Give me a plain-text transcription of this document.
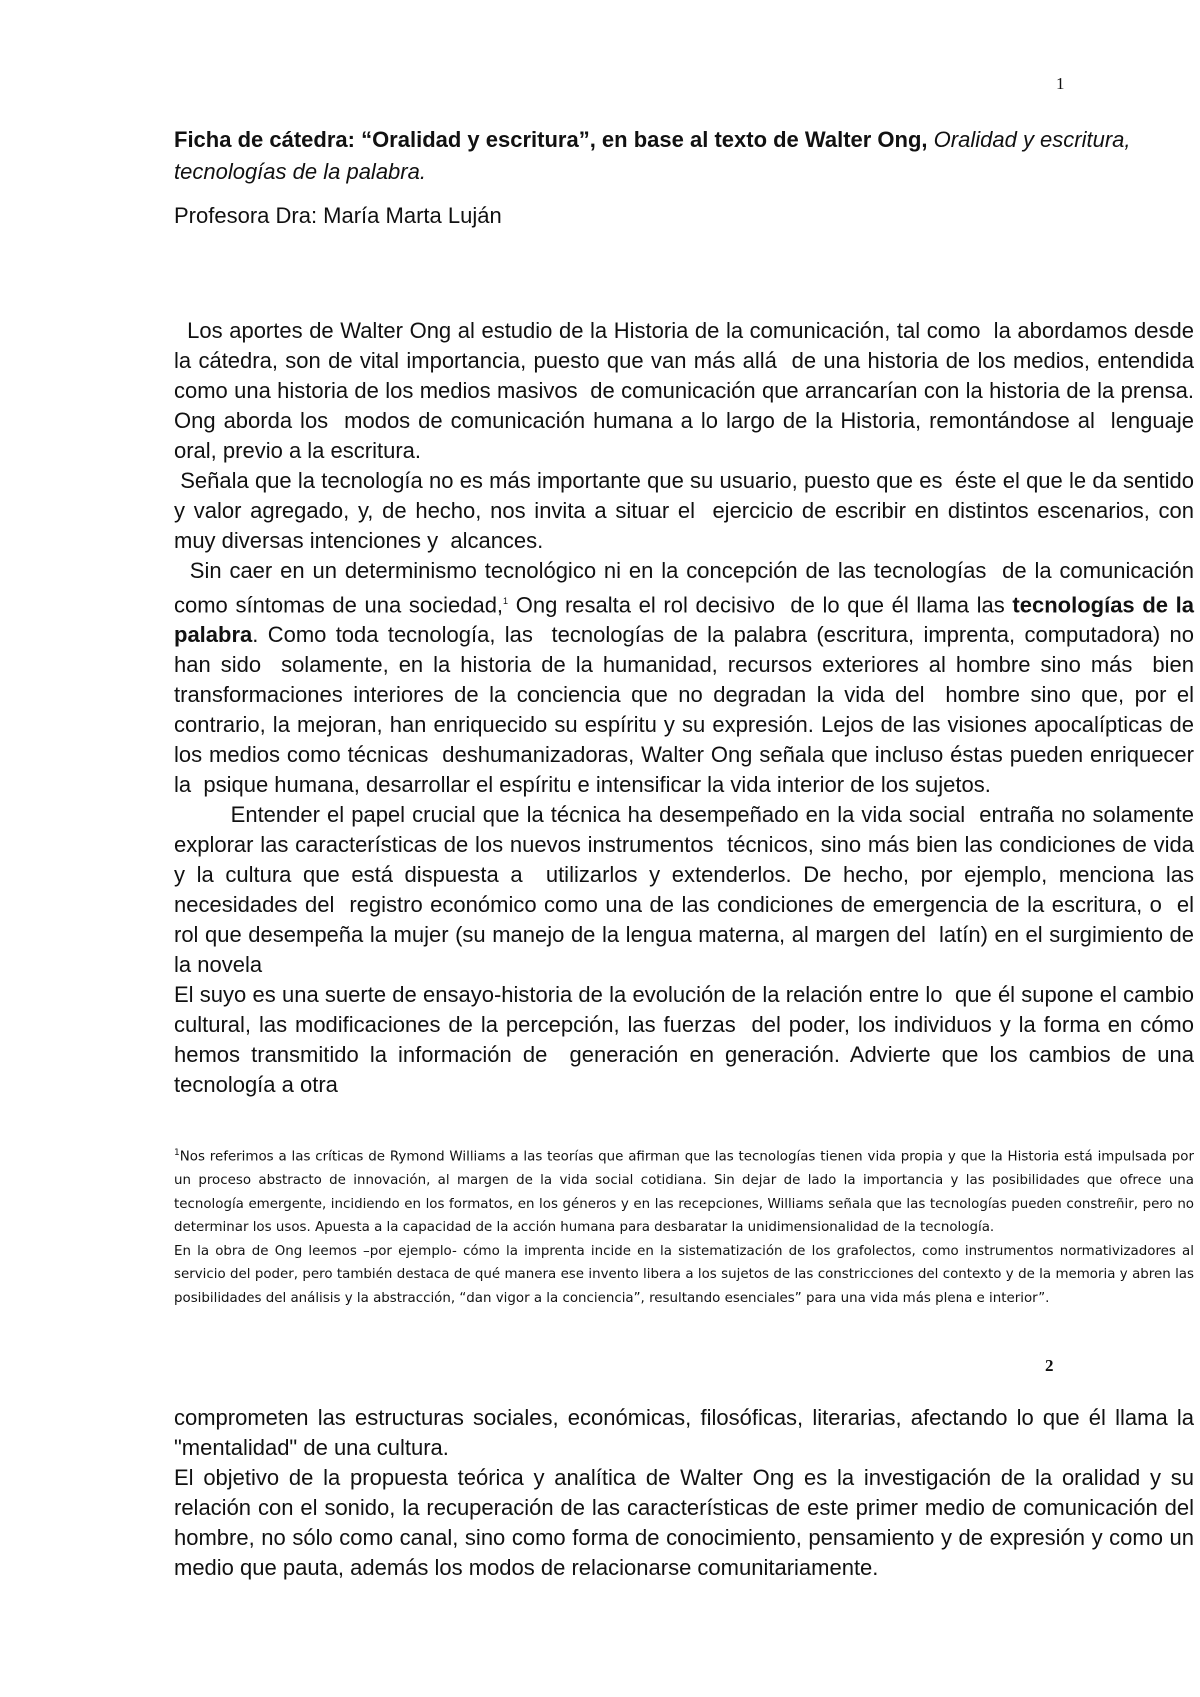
1
Ficha de cátedra: “Oralidad y escritura”, en base al texto de Walter Ong, Oralidad y escritura, tecnologías de la palabra.
Profesora Dra: María Marta Luján

Los aportes de Walter Ong al estudio de la Historia de la comunicación, tal como  la abordamos desde la cátedra, son de vital importancia, puesto que van más allá  de una historia de los medios, entendida como una historia de los medios masivos  de comunicación que arrancarían con la historia de la prensa. Ong aborda los  modos de comunicación humana a lo largo de la Historia, remontándose al  lenguaje oral, previo a la escritura.

Señala que la tecnología no es más importante que su usuario, puesto que es  éste el que le da sentido y valor agregado, y, de hecho, nos invita a situar el  ejercicio de escribir en distintos escenarios, con muy diversas intenciones y  alcances.

Sin caer en un determinismo tecnológico ni en la concepción de las tecnologías  de la comunicación como síntomas de una sociedad,$^1$ Ong resalta el rol decisivo  de lo que él llama las tecnologías de la palabra. Como toda tecnología, las  tecnologías de la palabra (escritura, imprenta, computadora) no han sido  solamente, en la historia de la humanidad, recursos exteriores al hombre sino más  bien transformaciones interiores de la conciencia que no degradan la vida del  hombre sino que, por el contrario, la mejoran, han enriquecido su espíritu y su expresión. Lejos de las visiones apocalípticas de los medios como técnicas  deshumanizadoras, Walter Ong señala que incluso éstas pueden enriquecer la  psique humana, desarrollar el espíritu e intensificar la vida interior de los sujetos.

Entender el papel crucial que la técnica ha desempeñado en la vida social  entraña no solamente explorar las características de los nuevos instrumentos  técnicos, sino más bien las condiciones de vida y la cultura que está dispuesta a  utilizarlos y extenderlos. De hecho, por ejemplo, menciona las necesidades del  registro económico como una de las condiciones de emergencia de la escritura, o  el rol que desempeña la mujer (su manejo de la lengua materna, al margen del  latín) en el surgimiento de la novela

El suyo es una suerte de ensayo-historia de la evolución de la relación entre lo  que él supone el cambio cultural, las modificaciones de la percepción, las fuerzas  del poder, los individuos y la forma en cómo hemos transmitido la información de  generación en generación. Advierte que los cambios de una tecnología a otra

$^1$Nos referimos a las críticas de Rymond Williams a las teorías que afirman que las tecnologías tienen vida propia y que la Historia está impulsada por un proceso abstracto de innovación, al margen de la vida social cotidiana. Sin dejar de lado la importancia y las posibilidades que ofrece una tecnología emergente, incidiendo en los formatos, en los géneros y en las recepciones, Williams señala que las tecnologías pueden constreñir, pero no determinar los usos. Apuesta a la capacidad de la acción humana para desbaratar la unidimensionalidad de la tecnología.

En la obra de Ong leemos –por ejemplo- cómo la imprenta incide en la sistematización de los grafolectos, como instrumentos normativizadores al servicio del poder, pero también destaca de qué manera ese invento libera a los sujetos de las constricciones del contexto y de la memoria y abren las posibilidades del análisis y la abstracción, “dan vigor a la conciencia”, resultando esenciales” para una vida más plena e interior”.

2

comprometen las estructuras sociales, económicas, filosóficas, literarias, afectando lo que él llama la "mentalidad" de una cultura.

El objetivo de la propuesta teórica y analítica de Walter Ong es la investigación de la oralidad y su relación con el sonido, la recuperación de las características de este primer medio de comunicación del hombre, no sólo como canal, sino como forma de conocimiento, pensamiento y de expresión y como un medio que pauta, además los modos de relacionarse comunitariamente.
